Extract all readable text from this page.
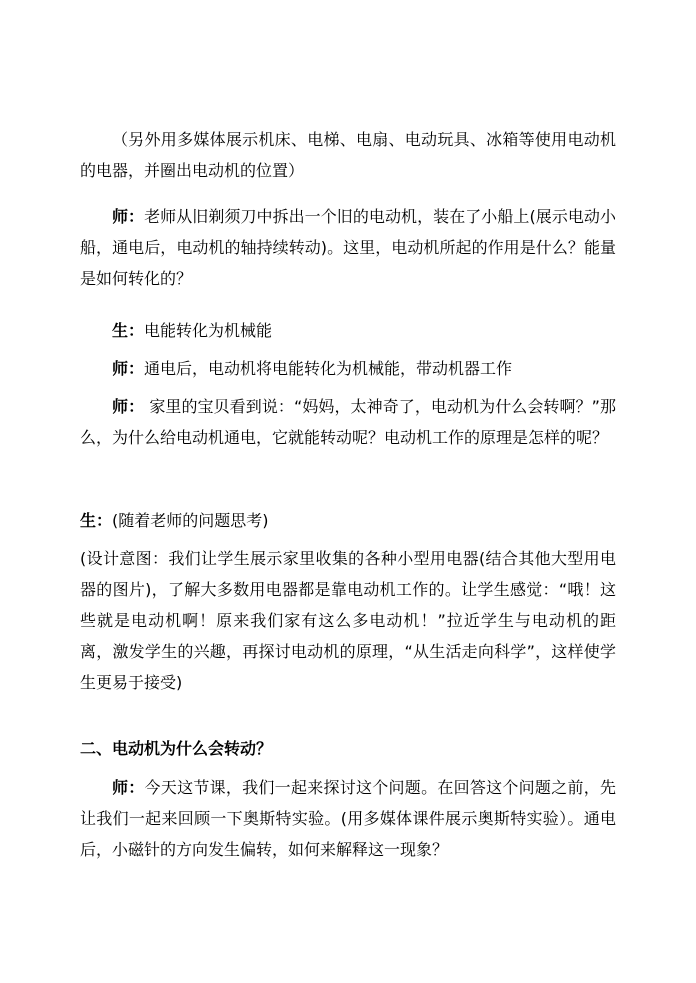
（另外用多媒体展示机床、电梯、电扇、电动玩具、冰箱等使用电动机的电器，并圈出电动机的位置）

师：老师从旧剃须刀中拆出一个旧的电动机，装在了小船上(展示电动小船，通电后，电动机的轴持续转动)。这里，电动机所起的作用是什么？能量是如何转化的？

生：电能转化为机械能

师：通电后，电动机将电能转化为机械能，带动机器工作

师： 家里的宝贝看到说：“妈妈，太神奇了，电动机为什么会转啊？”那么，为什么给电动机通电，它就能转动呢？电动机工作的原理是怎样的呢？

生：(随着老师的问题思考)

(设计意图：我们让学生展示家里收集的各种小型用电器(结合其他大型用电器的图片)，了解大多数用电器都是靠电动机工作的。让学生感觉：“哦！这些就是电动机啊！原来我们家有这么多电动机！”拉近学生与电动机的距离，激发学生的兴趣，再探讨电动机的原理，“从生活走向科学”，这样使学生更易于接受)

二、电动机为什么会转动？

师：今天这节课，我们一起来探讨这个问题。在回答这个问题之前，先让我们一起来回顾一下奥斯特实验。(用多媒体课件展示奥斯特实验）。通电后，小磁针的方向发生偏转，如何来解释这一现象？
